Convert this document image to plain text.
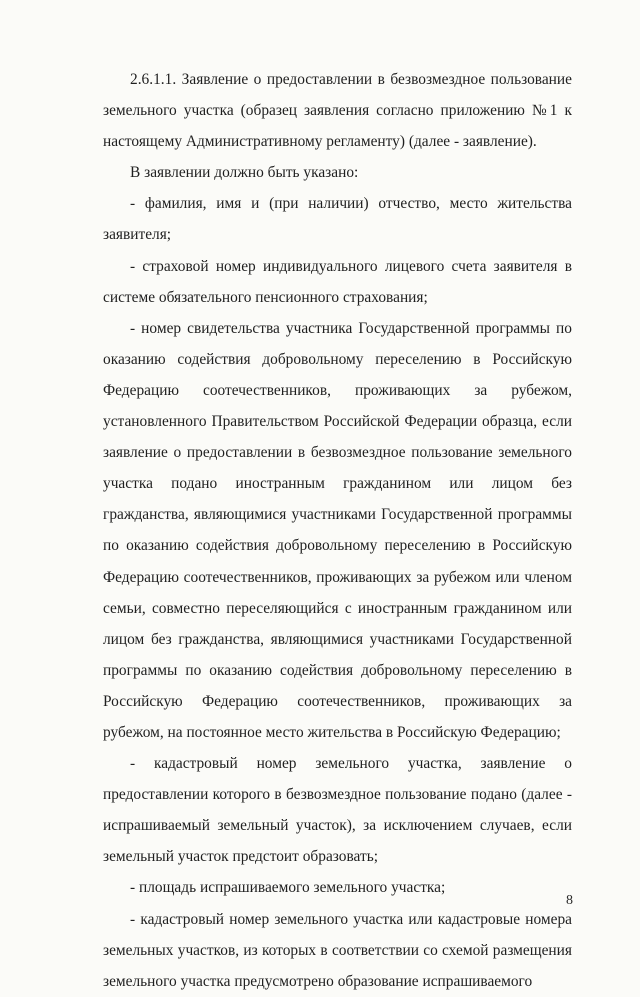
2.6.1.1. Заявление о предоставлении в безвозмездное пользование земельного участка (образец заявления согласно приложению №1 к настоящему Административному регламенту) (далее - заявление).

В заявлении должно быть указано:

- фамилия, имя и (при наличии) отчество, место жительства заявителя;

- страховой номер индивидуального лицевого счета заявителя в системе обязательного пенсионного страхования;

- номер свидетельства участника Государственной программы по оказанию содействия добровольному переселению в Российскую Федерацию соотечественников, проживающих за рубежом, установленного Правительством Российской Федерации образца, если заявление о предоставлении в безвозмездное пользование земельного участка подано иностранным гражданином или лицом без гражданства, являющимися участниками Государственной программы по оказанию содействия добровольному переселению в Российскую Федерацию соотечественников, проживающих за рубежом или членом семьи, совместно переселяющийся с иностранным гражданином или лицом без гражданства, являющимися участниками Государственной программы по оказанию содействия добровольному переселению в Российскую Федерацию соотечественников, проживающих за рубежом, на постоянное место жительства в Российскую Федерацию;

- кадастровый номер земельного участка, заявление о предоставлении которого в безвозмездное пользование подано (далее - испрашиваемый земельный участок), за исключением случаев, если земельный участок предстоит образовать;

- площадь испрашиваемого земельного участка;

- кадастровый номер земельного участка или кадастровые номера земельных участков, из которых в соответствии со схемой размещения земельного участка предусмотрено образование испрашиваемого

8
